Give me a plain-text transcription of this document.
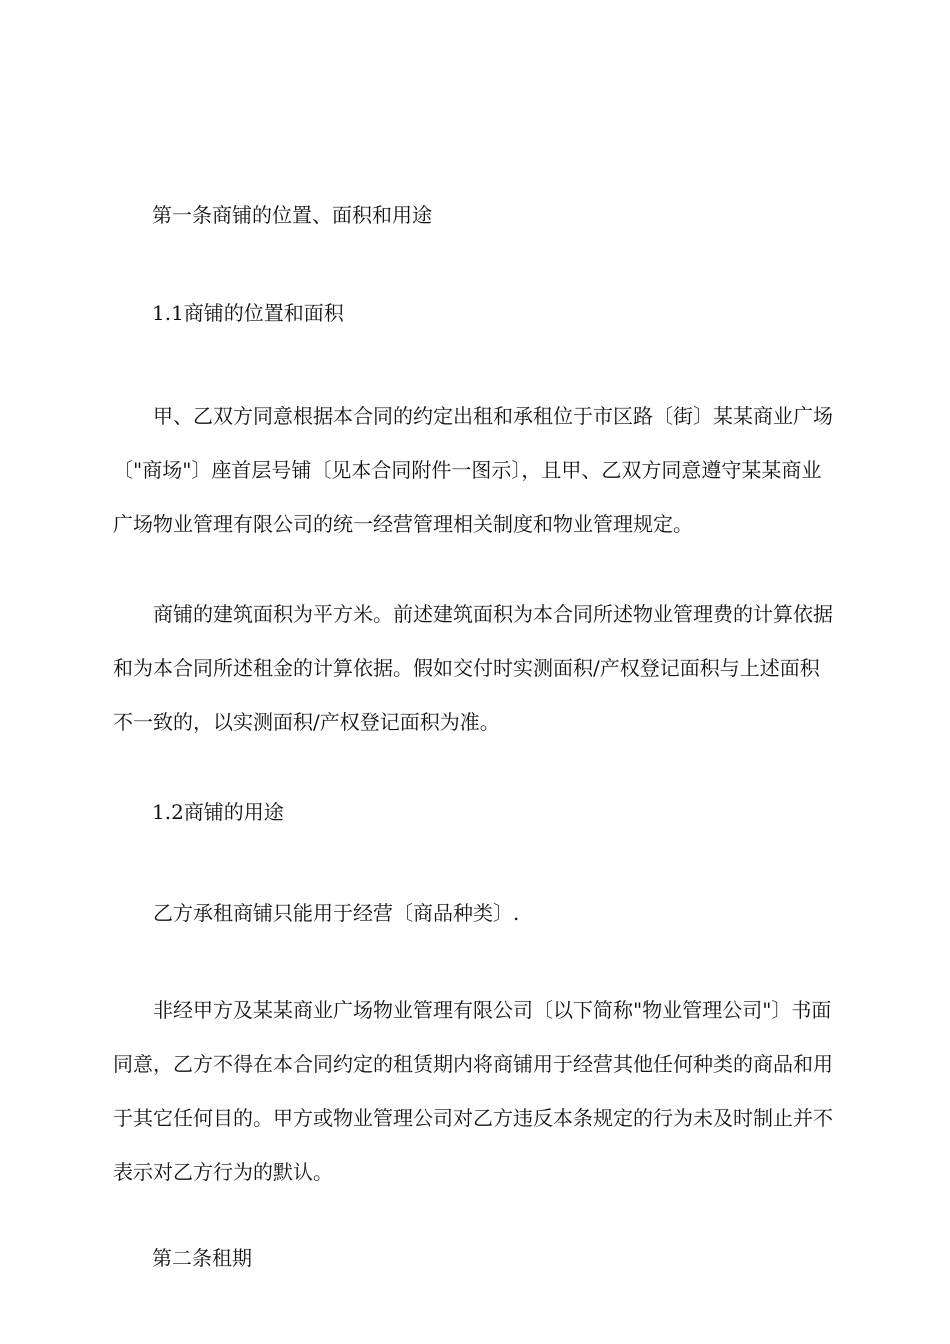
第一条商铺的位置、面积和用途
1.1商铺的位置和面积

甲、乙双方同意根据本合同的约定出租和承租位于市区路〔街〕某某商业广场〔"商场"〕座首层号铺〔见本合同附件一图示〕，且甲、乙双方同意遵守某某商业广场物业管理有限公司的统一经营管理相关制度和物业管理规定。

商铺的建筑面积为平方米。前述建筑面积为本合同所述物业管理费的计算依据和为本合同所述租金的计算依据。假如交付时实测面积/产权登记面积与上述面积不一致的，以实测面积/产权登记面积为准。

1.2商铺的用途

乙方承租商铺只能用于经营〔商品种类〕.

非经甲方及某某商业广场物业管理有限公司〔以下简称"物业管理公司"〕书面同意，乙方不得在本合同约定的租赁期内将商铺用于经营其他任何种类的商品和用于其它任何目的。甲方或物业管理公司对乙方违反本条规定的行为未及时制止并不表示对乙方行为的默认。

第二条租期
